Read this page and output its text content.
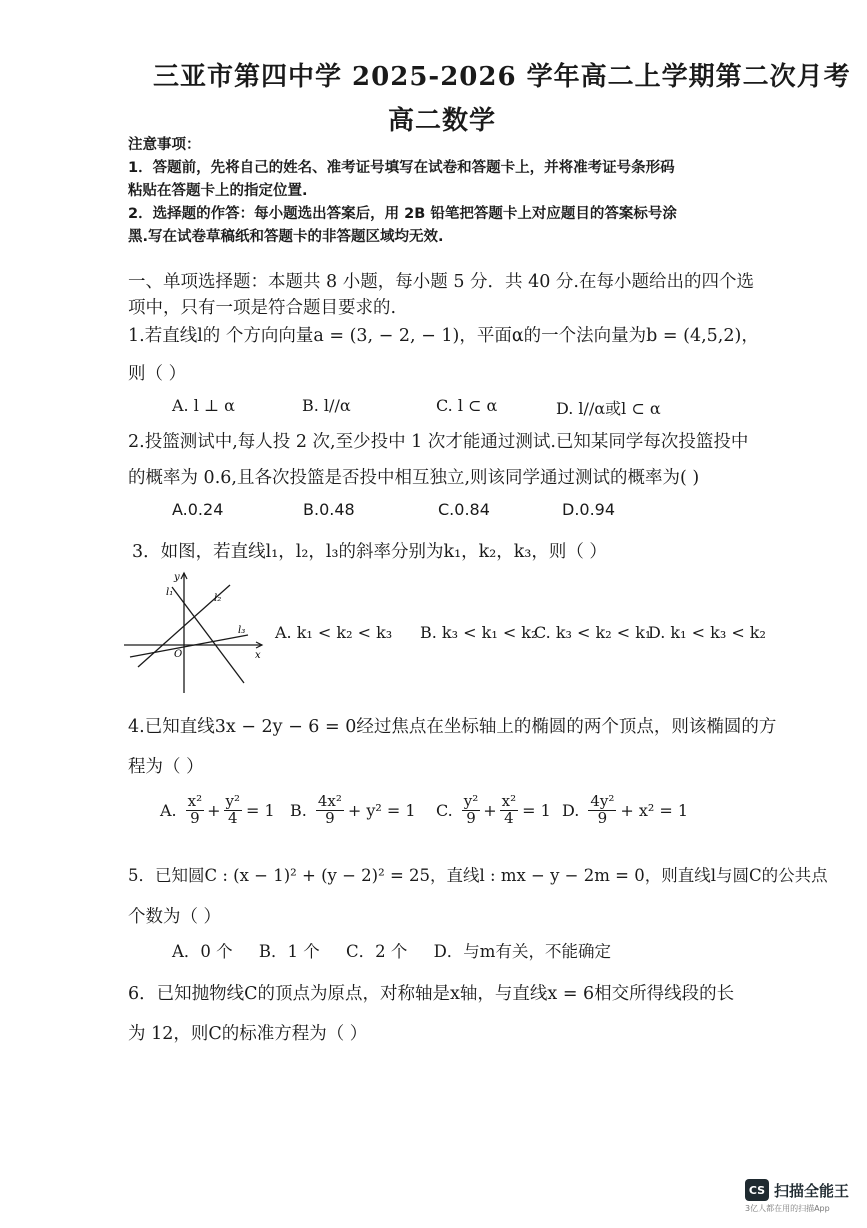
三亚市第四中学 2025-2026 学年高二上学期第二次月考
高二数学
注意事项：
1．答题前，先将自己的姓名、准考证号填写在试卷和答题卡上，并将准考证号条形码
粘贴在答题卡上的指定位置.
2．选择题的作答：每小题选出答案后，用 2B 铅笔把答题卡上对应题目的答案标号涂
黑.写在试卷草稿纸和答题卡的非答题区域均无效.
一、单项选择题：本题共 8 小题，每小题 5 分．共 40 分.在每小题给出的四个选
项中，只有一项是符合题目要求的.
1.若直线l的 个方向向量a = (3, − 2, − 1)，平面α的一个法向量为b = (4,5,2)，
则（ ）
A. l ⊥ α	B. l//α	C. l ⊂ α	D. l//α或l ⊂ α
2.投篮测试中,每人投 2 次,至少投中 1 次才能通过测试.已知某同学每次投篮投中
的概率为 0.6,且各次投篮是否投中相互独立,则该同学通过测试的概率为( )
A.0.24	B.0.48	C.0.84	D.0.94
3．如图，若直线l₁，l₂，l₃的斜率分别为k₁，k₂，k₃，则（ ）
y
x
O
l₁
l₂
l₃ A. k₁ < k₂ < k₃ B. k₃ < k₁ < k₂
C. k₃ < k₂ < k₁
D. k₁ < k₃ < k₂
4.已知直线3x − 2y − 6 = 0经过焦点在坐标轴上的椭圆的两个顶点，则该椭圆的方
程为（ ）
A. $\frac{\text{x²}}{9} + \frac{\text{y²}}{4} = 1$ B. $\frac{\text{4x²}}{9} + y^2 = 1$ C. $\frac{\text{y²}}{9} + \frac{\text{x²}}{4} = 1$ D. $\frac{\text{4y²}}{9} + x^2 = 1$
5．已知圆C : (x − 1)² + (y − 2)² = 25，直线l : mx − y − 2m = 0，则直线l与圆C的公共点
个数为（ ）
A．0 个     B．1 个     C．2 个     D．与m有关，不能确定
6．已知抛物线C的顶点为原点，对称轴是x轴，与直线x = 6相交所得线段的长
为 12，则C的标准方程为（ ）
CS 扫描全能王
3亿人都在用的扫描App
